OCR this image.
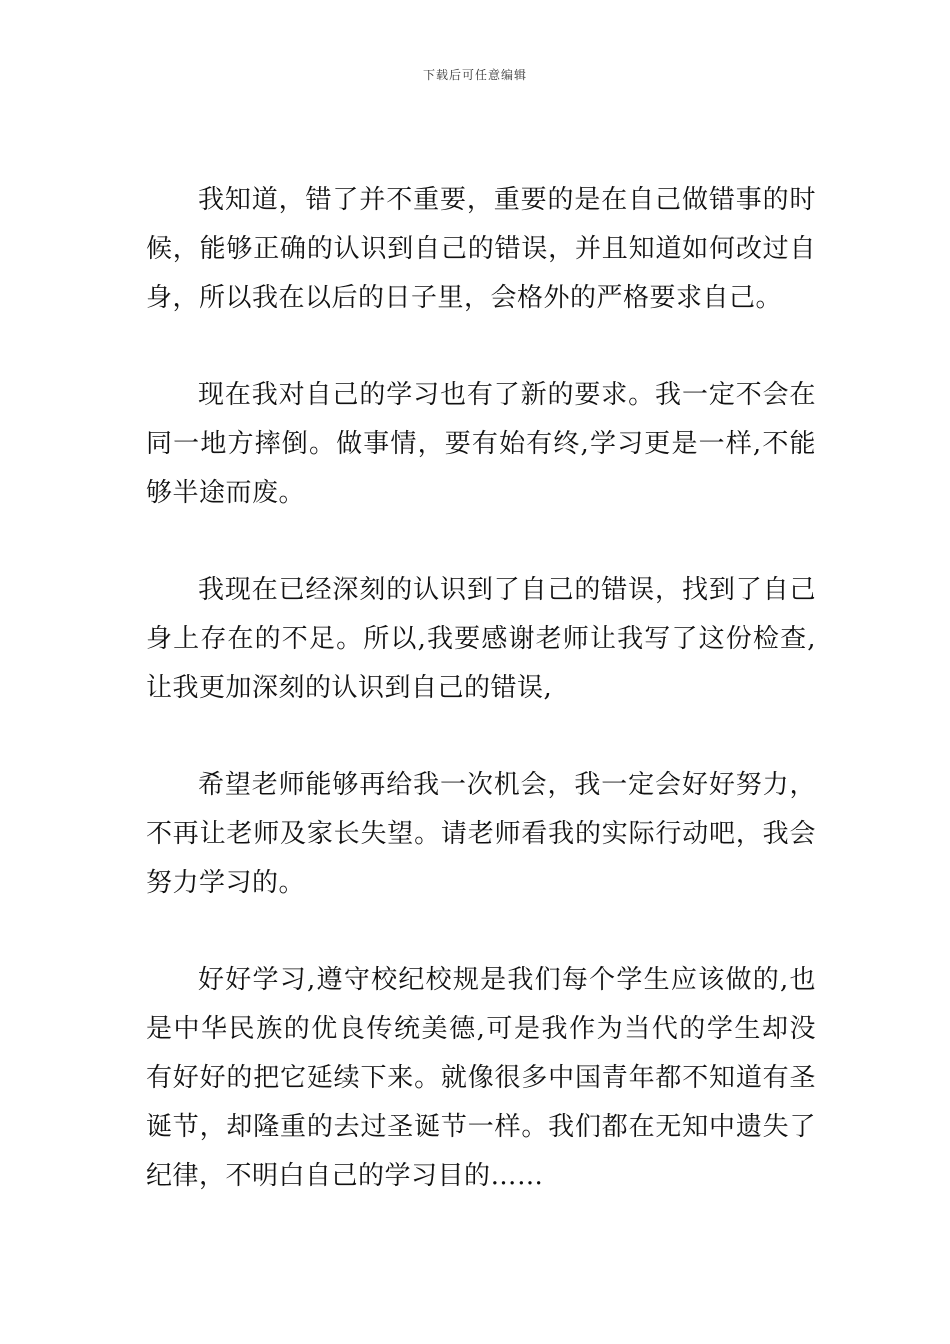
下载后可任意编辑

我知道，错了并不重要，重要的是在自己做错事的时候，能够正确的认识到自己的错误，并且知道如何改过自身，所以我在以后的日子里，会格外的严格要求自己。

现在我对自己的学习也有了新的要求。我一定不会在同一地方摔倒。做事情，要有始有终,学习更是一样,不能够半途而废。

我现在已经深刻的认识到了自己的错误，找到了自己身上存在的不足。所以,我要感谢老师让我写了这份检查,让我更加深刻的认识到自己的错误,

希望老师能够再给我一次机会，我一定会好好努力，不再让老师及家长失望。请老师看我的实际行动吧，我会努力学习的。

好好学习,遵守校纪校规是我们每个学生应该做的,也是中华民族的优良传统美德,可是我作为当代的学生却没有好好的把它延续下来。就像很多中国青年都不知道有圣诞节，却隆重的去过圣诞节一样。我们都在无知中遗失了纪律，不明白自己的学习目的……
